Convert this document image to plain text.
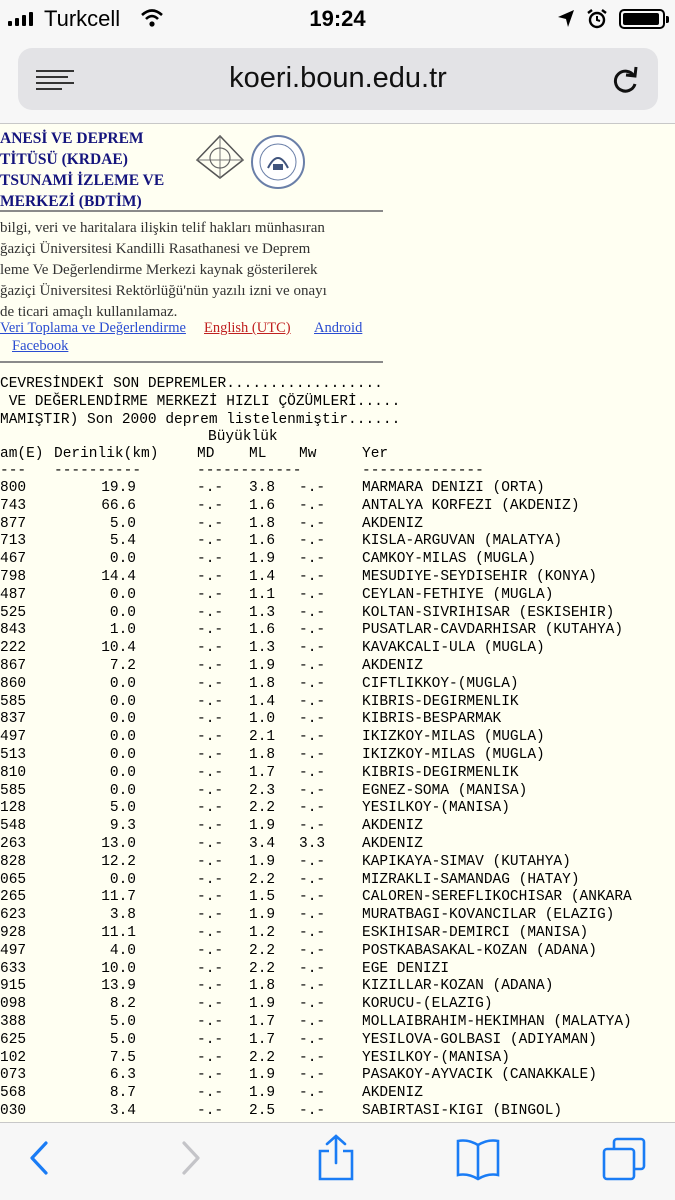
Turkcell	19:24
koeri.boun.edu.tr
ANESİ VE DEPREM
TİTÜSÜ (KRDAE)
TSUNAMİ İZLEME VE
MERKEZİ (BDTİM)
bilgi, veri ve haritalara ilişkin telif hakları münhasıran
ğaziçi Üniversitesi Kandilli Rasathanesi ve Deprem
leme Ve Değerlendirme Merkezi kaynak gösterilerek
ğaziçi Üniversitesi Rektörlüğü'nün yazılı izni ve onayı
de ticari amaçlı kullanılamaz.
Veri Toplama ve Değerlendirme English (UTC) Android
Facebook
CEVRESİNDEKİ SON DEPREMLER..................
VE DEĞERLENDİRME MERKEZİ HIZLI ÇÖZÜMLERİ.....
MAMIŞTIR) Son 2000 deprem listelenmiştir......
Büyüklük
am(E) Derinlik(km)	MD ML Mw	Yer
--- ----------	------------	--------------
800	19.9	-.-	3.8	-.-	MARMARA DENIZI (ORTA)
743	66.6	-.-	1.6	-.-	ANTALYA KORFEZI (AKDENIZ)
877	5.0	-.-	1.8	-.-	AKDENIZ
713	5.4	-.-	1.6	-.-	KISLA-ARGUVAN (MALATYA)
467	0.0	-.-	1.9	-.-	CAMKOY-MILAS (MUGLA)
798	14.4	-.-	1.4	-.-	MESUDIYE-SEYDISEHIR (KONYA)
487	0.0	-.-	1.1	-.-	CEYLAN-FETHIYE (MUGLA)
525	0.0	-.-	1.3	-.-	KOLTAN-SIVRIHISAR (ESKISEHIR)
843	1.0	-.-	1.6	-.-	PUSATLAR-CAVDARHISAR (KUTAHYA)
222	10.4	-.-	1.3	-.-	KAVAKCALI-ULA (MUGLA)
867	7.2	-.-	1.9	-.-	AKDENIZ
860	0.0	-.-	1.8	-.-	CIFTLIKKOY-(MUGLA)
585	0.0	-.-	1.4	-.-	KIBRIS-DEGIRMENLIK
837	0.0	-.-	1.0	-.-	KIBRIS-BESPARMAK
497	0.0	-.-	2.1	-.-	IKIZKOY-MILAS (MUGLA)
513	0.0	-.-	1.8	-.-	IKIZKOY-MILAS (MUGLA)
810	0.0	-.-	1.7	-.-	KIBRIS-DEGIRMENLIK
585	0.0	-.-	2.3	-.-	EGNEZ-SOMA (MANISA)
128	5.0	-.-	2.2	-.-	YESILKOY-(MANISA)
548	9.3	-.-	1.9	-.-	AKDENIZ
263	13.0	-.-	3.4	3.3	AKDENIZ
828	12.2	-.-	1.9	-.-	KAPIKAYA-SIMAV (KUTAHYA)
065	0.0	-.-	2.2	-.-	MIZRAKLI-SAMANDAG (HATAY)
265	11.7	-.-	1.5	-.-	CALOREN-SEREFLIKOCHISAR (ANKARA
623	3.8	-.-	1.9	-.-	MURATBAGI-KOVANCILAR (ELAZIG)
928	11.1	-.-	1.2	-.-	ESKIHISAR-DEMIRCI (MANISA)
497	4.0	-.-	2.2	-.-	POSTKABASAKAL-KOZAN (ADANA)
633	10.0	-.-	2.2	-.-	EGE DENIZI
915	13.9	-.-	1.8	-.-	KIZILLAR-KOZAN (ADANA)
098	8.2	-.-	1.9	-.-	KORUCU-(ELAZIG)
388	5.0	-.-	1.7	-.-	MOLLAIBRAHIM-HEKIMHAN (MALATYA)
625	5.0	-.-	1.7	-.-	YESILOVA-GOLBASI (ADIYAMAN)
102	7.5	-.-	2.2	-.-	YESILKOY-(MANISA)
073	6.3	-.-	1.9	-.-	PASAKOY-AYVACIK (CANAKKALE)
568	8.7	-.-	1.9	-.-	AKDENIZ
030	3.4	-.-	2.5	-.-	SABIRTASI-KIGI (BINGOL)
